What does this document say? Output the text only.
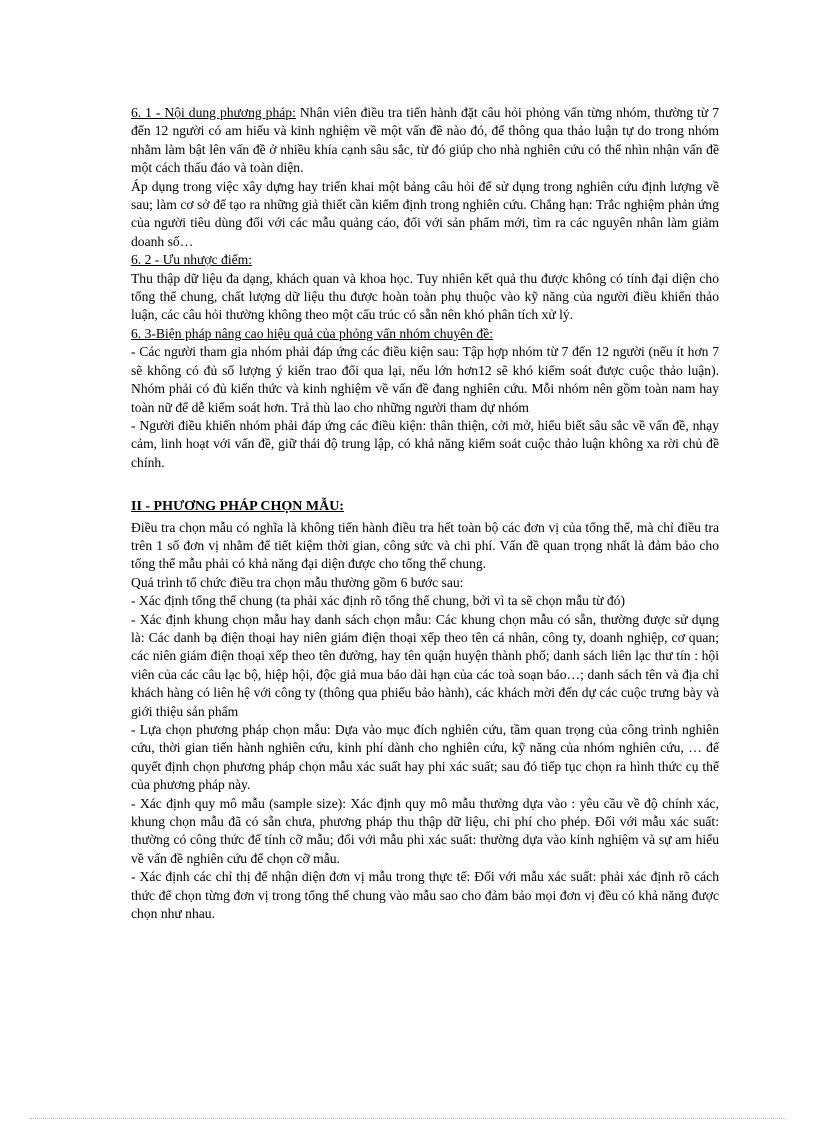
6. 1 - Nội dung phương pháp: Nhân viên điều tra tiến hành đặt câu hỏi phỏng vấn từng nhóm, thường từ 7 đến 12 người có am hiểu và kinh nghiệm về một vấn đề nào đó, để thông qua thảo luận tự do trong nhóm nhằm làm bật lên vấn đề ở nhiều khía cạnh sâu sắc, từ đó giúp cho nhà nghiên cứu có thể nhìn nhận vấn đề một cách thấu đáo và toàn diện.

Áp dụng trong việc xây dựng hay triển khai một bảng câu hỏi để sử dụng trong nghiên cứu định lượng về sau; làm cơ sở để tạo ra những giả thiết cần kiểm định trong nghiên cứu. Chẳng hạn: Trắc nghiệm phản ứng của người tiêu dùng đối với các mẫu quảng cáo, đối với sản phẩm mới, tìm ra các nguyên nhân làm giảm doanh số…

6. 2 - Ưu nhược điểm:

Thu thập dữ liệu đa dạng, khách quan và khoa học. Tuy nhiên kết quả thu được không có tính đại diện cho tổng thể chung, chất lượng dữ liệu thu được hoàn toàn phụ thuộc vào kỹ năng của người điều khiển thảo luận, các câu hỏi thường không theo một cấu trúc có sẵn nên khó phân tích xử lý.

6. 3-Biện pháp nâng cao hiệu quả của phỏng vấn nhóm chuyên đề:

- Các người tham gia nhóm phải đáp ứng các điều kiện sau: Tập hợp nhóm từ 7 đến 12 người (nếu ít hơn 7 sẽ không có đủ số lượng ý kiến trao đổi qua lại, nếu lớn hơn12 sẽ khó kiểm soát được cuộc thảo luận). Nhóm phải có đủ kiến thức và kinh nghiệm về vấn đề đang nghiên cứu. Mỗi nhóm nên gồm toàn nam hay toàn nữ để dễ kiểm soát hơn. Trả thù lao cho những người tham dự nhóm

- Người điều khiển nhóm phải đáp ứng các điều kiện: thân thiện, cởi mở, hiểu biết sâu sắc về vấn đề, nhạy cảm, linh hoạt với vấn đề, giữ thái độ trung lập, có khả năng kiểm soát cuộc thảo luận không xa rời chủ đề chính.

II - PHƯƠNG PHÁP CHỌN MẪU:

Điều tra chọn mẫu có nghĩa là không tiến hành điều tra hết toàn bộ các đơn vị của tổng thể, mà chỉ điều tra trên 1 số đơn vị nhằm để tiết kiệm thời gian, công sức và chi phí. Vấn đề quan trọng nhất là đảm bảo cho tổng thể mẫu phải có khả năng đại diện được cho tổng thể chung.

Quá trình tổ chức điều tra chọn mẫu thường gồm 6 bước sau:

- Xác định tổng thể chung (ta phải xác định rõ tổng thể chung, bởi vì ta sẽ chọn mẫu từ đó)

- Xác định khung chọn mẫu hay danh sách chọn mẫu: Các khung chọn mẫu có sẵn, thường được sử dụng là: Các danh bạ điện thoại hay niên giám điện thoại xếp theo tên cá nhân, công ty, doanh nghiệp, cơ quan; các niên giám điện thoại xếp theo tên đường, hay tên quận huyện thành phố; danh sách liên lạc thư tín : hội viên của các câu lạc bộ, hiệp hội, độc giả mua báo dài hạn của các toà soạn báo…; danh sách tên và địa chỉ khách hàng có liên hệ với công ty (thông qua phiếu bảo hành), các khách mời đến dự các cuộc trưng bày và giới thiệu sản phẩm

- Lựa chọn phương pháp chọn mẫu: Dựa vào mục đích nghiên cứu, tầm quan trọng của công trình nghiên cứu, thời gian tiến hành nghiên cứu, kinh phí dành cho nghiên cứu, kỹ năng của nhóm nghiên cứu, … để quyết định chọn phương pháp chọn mẫu xác suất hay phi xác suất; sau đó tiếp tục chọn ra hình thức cụ thể của phương pháp này.

- Xác định quy mô mẫu (sample size): Xác định quy mô mẫu thường dựa vào : yêu cầu về độ chính xác, khung chọn mẫu đã có sẵn chưa, phương pháp thu thập dữ liệu, chi phí cho phép. Đối với mẫu xác suất: thường có công thức để tính cỡ mẫu; đối với mẫu phi xác suất: thường dựa vào kinh nghiệm và sự am hiểu về vấn đề nghiên cứu để chọn cỡ mẫu.

- Xác định các chỉ thị để nhận diện đơn vị mẫu trong thực tế: Đối với mẫu xác suất: phải xác định rõ cách thức để chọn từng đơn vị trong tổng thể chung vào mẫu sao cho đảm bảo mọi đơn vị đều có khả năng được chọn như nhau.
